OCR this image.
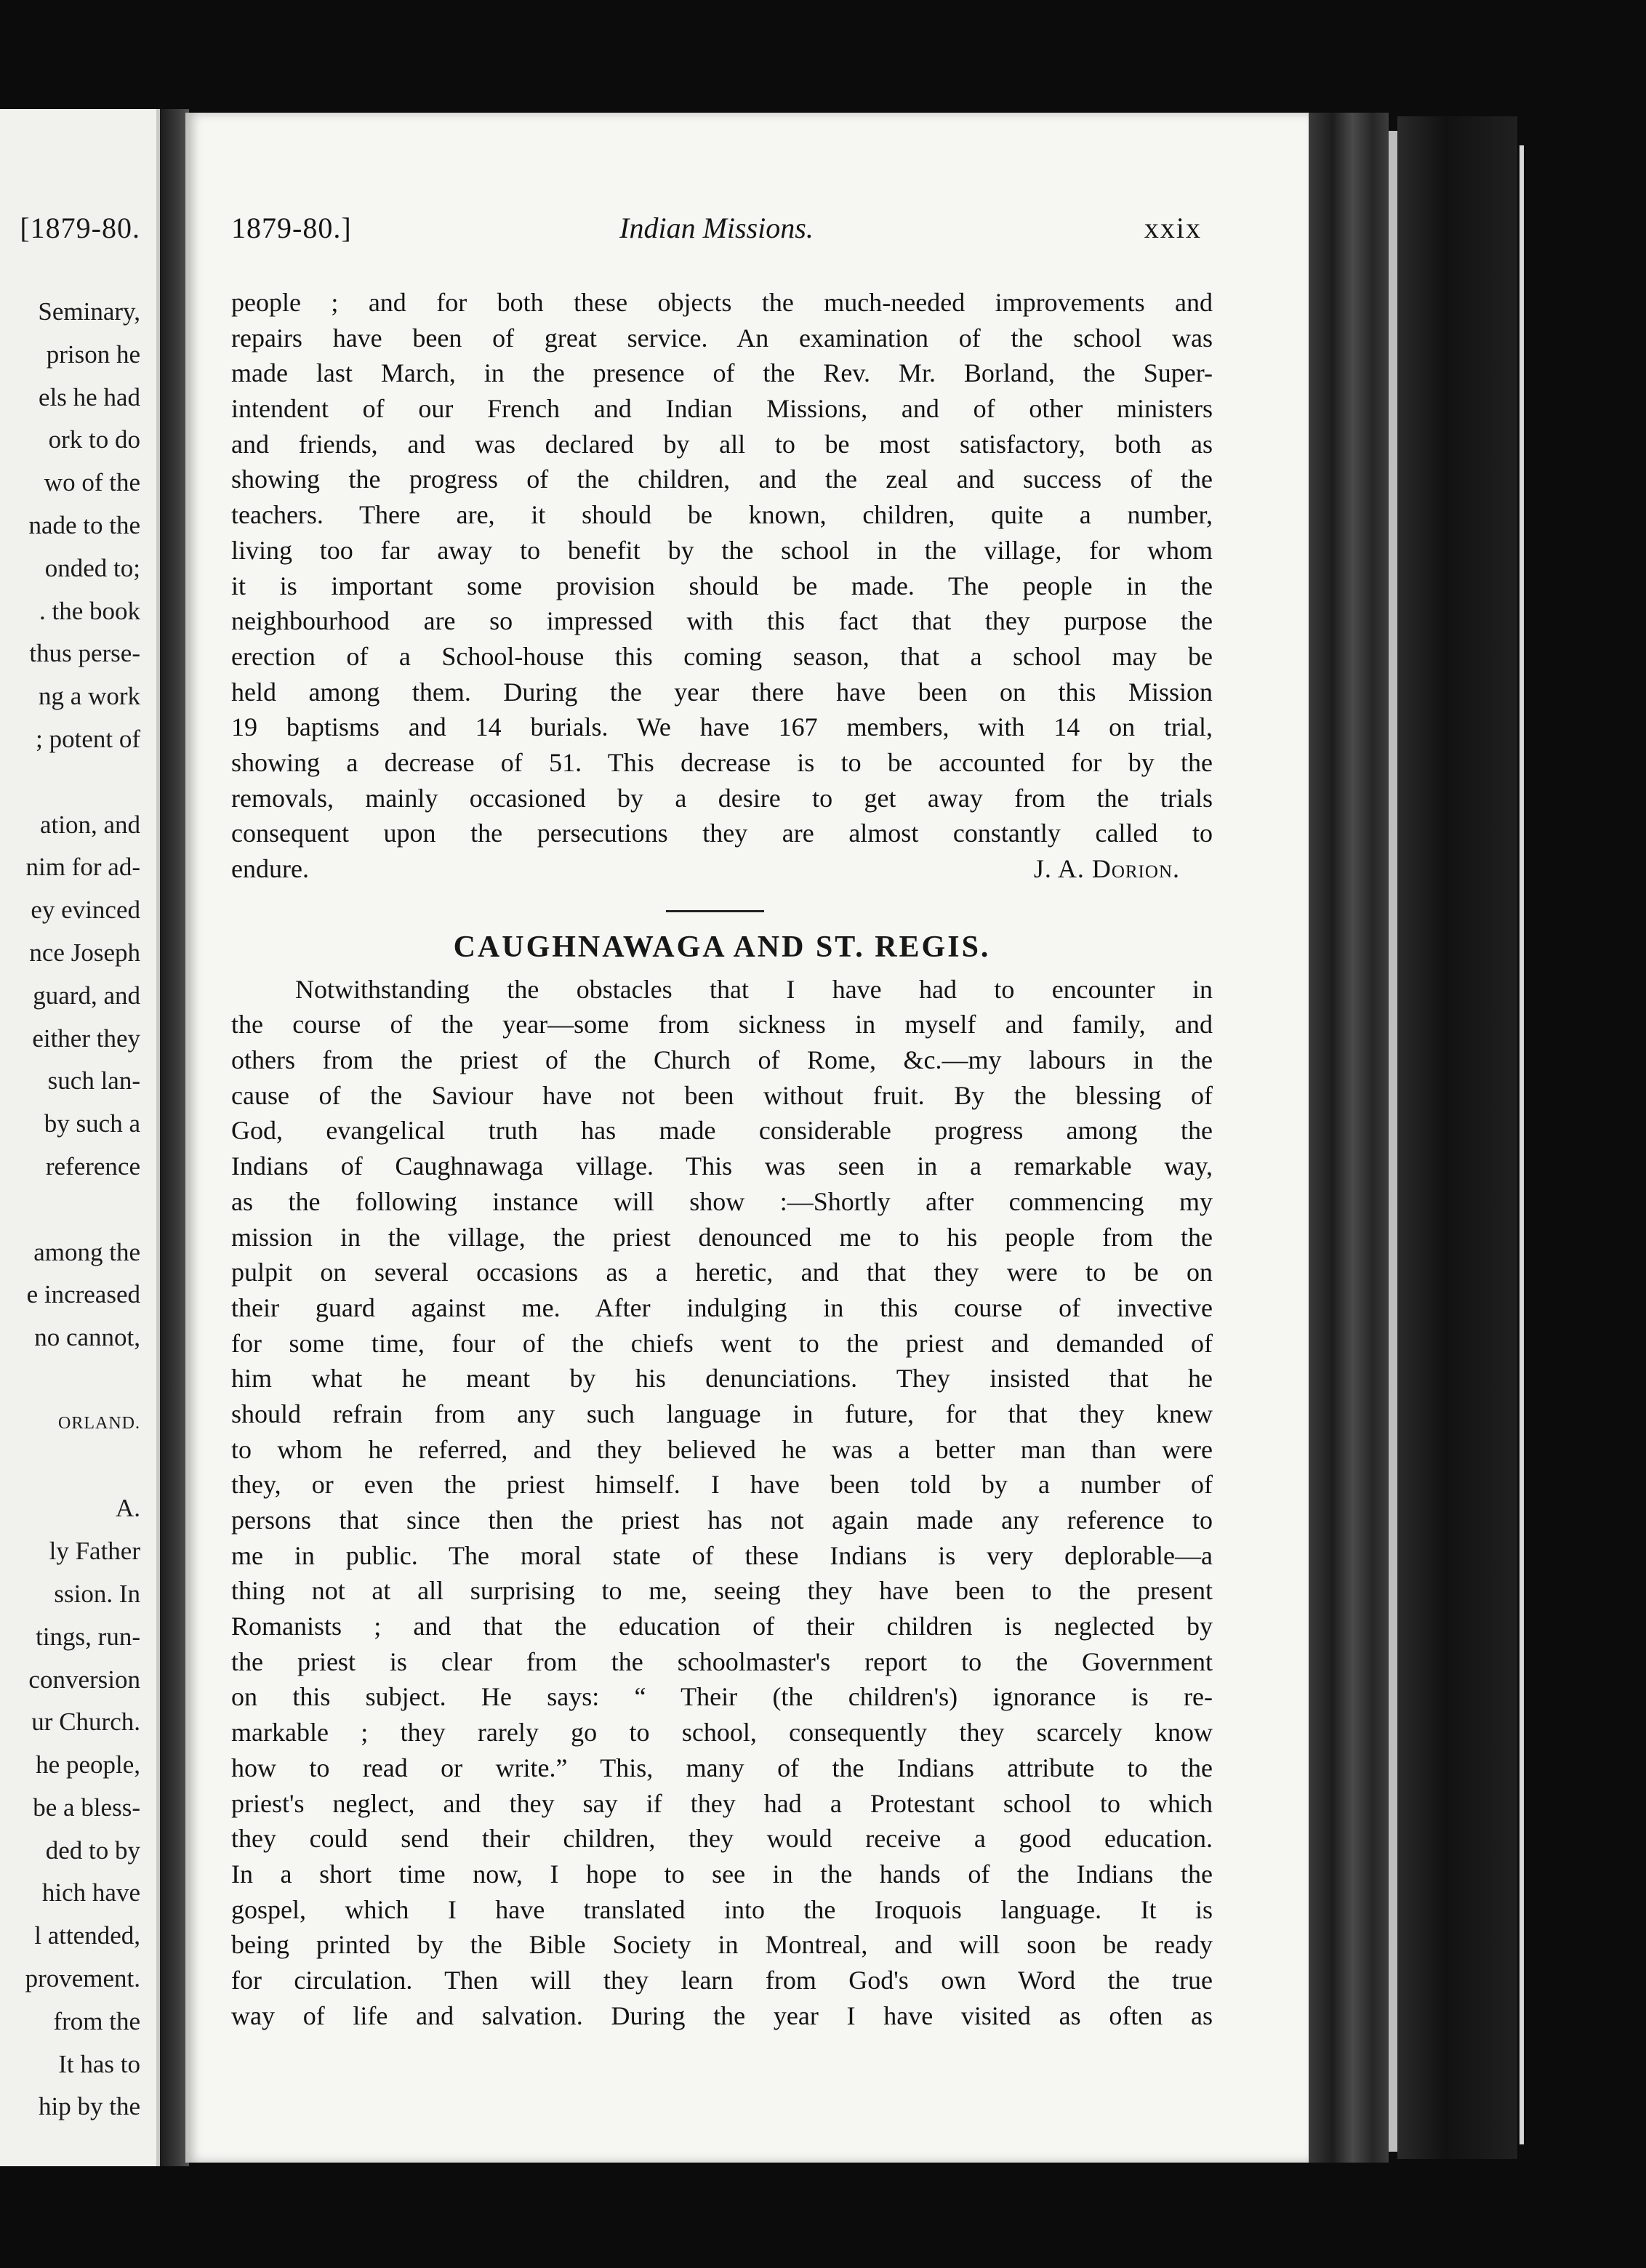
[1879-80.
Seminary,
prison he
els he had
ork to do
wo of the
nade to the
onded to;
. the book
thus perse-
ng a work
; potent of
ation, and
nim for ad-
ey evinced
nce Joseph
guard, and
either they
such lan-
by such a
reference
among the
e increased
no cannot,
ORLAND.
A.
ly Father
ssion. In
tings, run-
conversion
ur Church.
he people,
be a bless-
ded to by
hich have
l attended,
provement.
from the
It has to
hip by the
1879-80.]	Indian Missions.	xxix
people ; and for both these objects the much-needed improvements and
repairs have been of great service. An examination of the school was
made last March, in the presence of the Rev. Mr. Borland, the Super-
intendent of our French and Indian Missions, and of other ministers
and friends, and was declared by all to be most satisfactory, both as
showing the progress of the children, and the zeal and success of the
teachers. There are, it should be known, children, quite a number,
living too far away to benefit by the school in the village, for whom
it is important some provision should be made. The people in the
neighbourhood are so impressed with this fact that they purpose the
erection of a School-house this coming season, that a school may be
held among them. During the year there have been on this Mission
19 baptisms and 14 burials. We have 167 members, with 14 on trial,
showing a decrease of 51. This decrease is to be accounted for by the
removals, mainly occasioned by a desire to get away from the trials
consequent upon the persecutions they are almost constantly called to
endure.	J. A. Dorion.
CAUGHNAWAGA AND ST. REGIS.
Notwithstanding the obstacles that I have had to encounter in
the course of the year—some from sickness in myself and family, and
others from the priest of the Church of Rome, &c.—my labours in the
cause of the Saviour have not been without fruit. By the blessing of
God, evangelical truth has made considerable progress among the
Indians of Caughnawaga village. This was seen in a remarkable way,
as the following instance will show :—Shortly after commencing my
mission in the village, the priest denounced me to his people from the
pulpit on several occasions as a heretic, and that they were to be on
their guard against me. After indulging in this course of invective
for some time, four of the chiefs went to the priest and demanded of
him what he meant by his denunciations. They insisted that he
should refrain from any such language in future, for that they knew
to whom he referred, and they believed he was a better man than were
they, or even the priest himself. I have been told by a number of
persons that since then the priest has not again made any reference to
me in public. The moral state of these Indians is very deplorable—a
thing not at all surprising to me, seeing they have been to the present
Romanists ; and that the education of their children is neglected by
the priest is clear from the schoolmaster's report to the Government
on this subject. He says: “ Their (the children's) ignorance is re-
markable ; they rarely go to school, consequently they scarcely know
how to read or write.” This, many of the Indians attribute to the
priest's neglect, and they say if they had a Protestant school to which
they could send their children, they would receive a good education.
In a short time now, I hope to see in the hands of the Indians the
gospel, which I have translated into the Iroquois language. It is
being printed by the Bible Society in Montreal, and will soon be ready
for circulation. Then will they learn from God's own Word the true
way of life and salvation. During the year I have visited as often as
